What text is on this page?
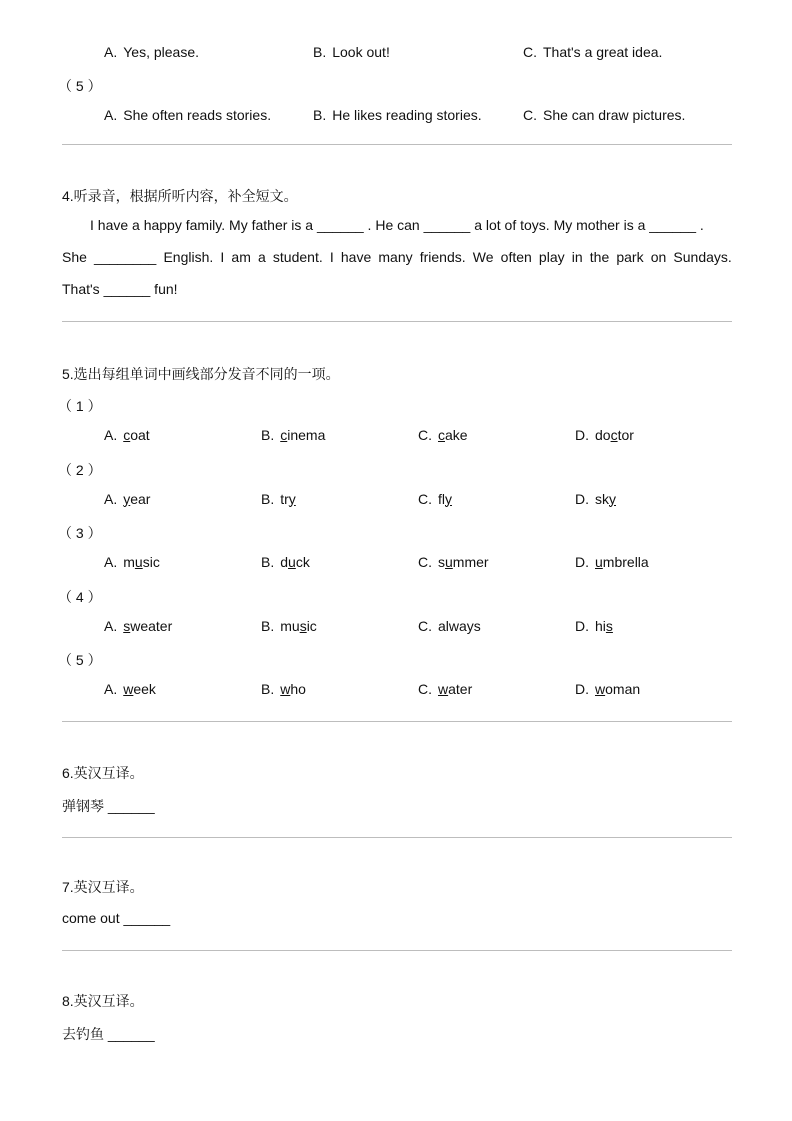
A. Yes, please.	B. Look out!	C. That's a great idea.
（ 5 ）
A. She often reads stories.	B. He likes reading stories.	C. She can draw pictures.
4.听录音，根据所听内容，补全短文。
I have a happy family. My father is a ______ . He can ______ a lot of toys. My mother is a ______ .
She ________ English. I am a student. I have many friends. We often play in the park on Sundays.
That's ______ fun!
5.选出每组单词中画线部分发音不同的一项。
（ 1 ）
A. coat	B. cinema	C. cake	D. doctor
（ 2 ）
A. year	B. try	C. fly	D. sky
（ 3 ）
A. music	B. duck	C. summer	D. umbrella
（ 4 ）
A. sweater	B. music	C. always	D. his
（ 5 ）
A. week	B. who	C. water	D. woman
6.英汉互译。
弹钢琴 ______
7.英汉互译。
come out ______
8.英汉互译。
去钓鱼 ______
